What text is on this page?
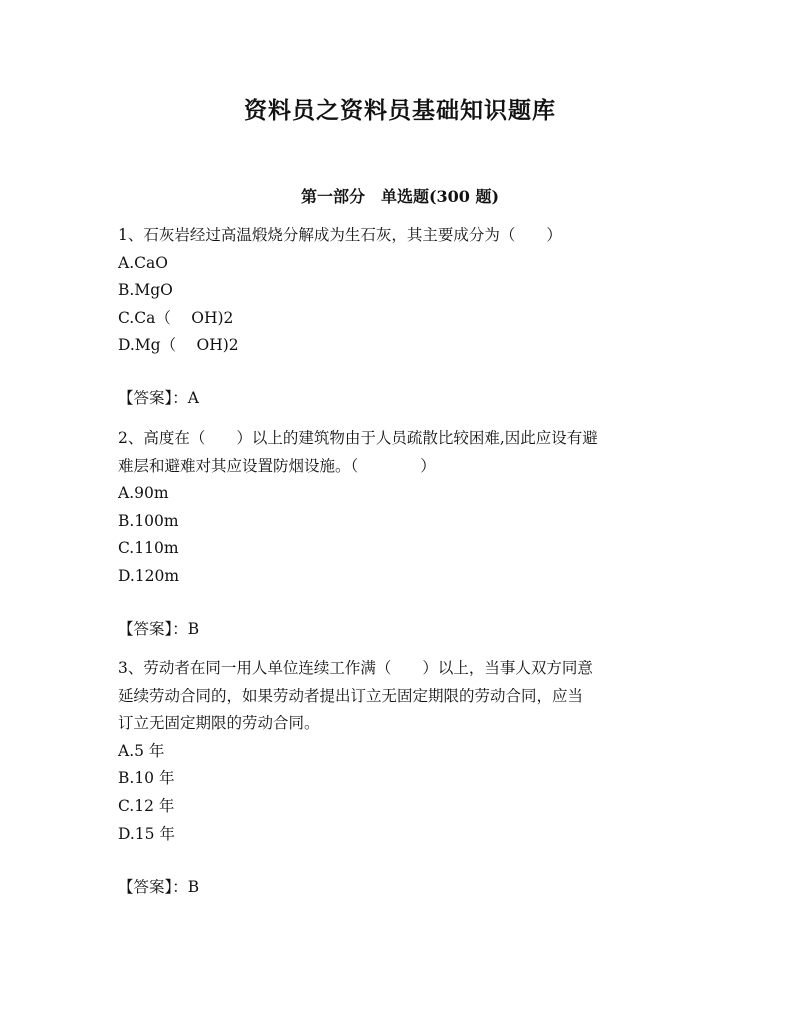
资料员之资料员基础知识题库
第一部分　单选题(300 题)

1、石灰岩经过高温煅烧分解成为生石灰，其主要成分为（　　）

A.CaO

B.MgO

C.Ca（　 OH)2

D.Mg（　 OH)2

【答案】：A

2、高度在（　　）以上的建筑物由于人员疏散比较困难,因此应设有避

难层和避难对其应设置防烟设施。（　　　　）

A.90m

B.100m

C.110m

D.120m

【答案】：B

3、劳动者在同一用人单位连续工作满（　　）以上，当事人双方同意

延续劳动合同的，如果劳动者提出订立无固定期限的劳动合同，应当

订立无固定期限的劳动合同。

A.5 年

B.10 年

C.12 年

D.15 年

【答案】：B
